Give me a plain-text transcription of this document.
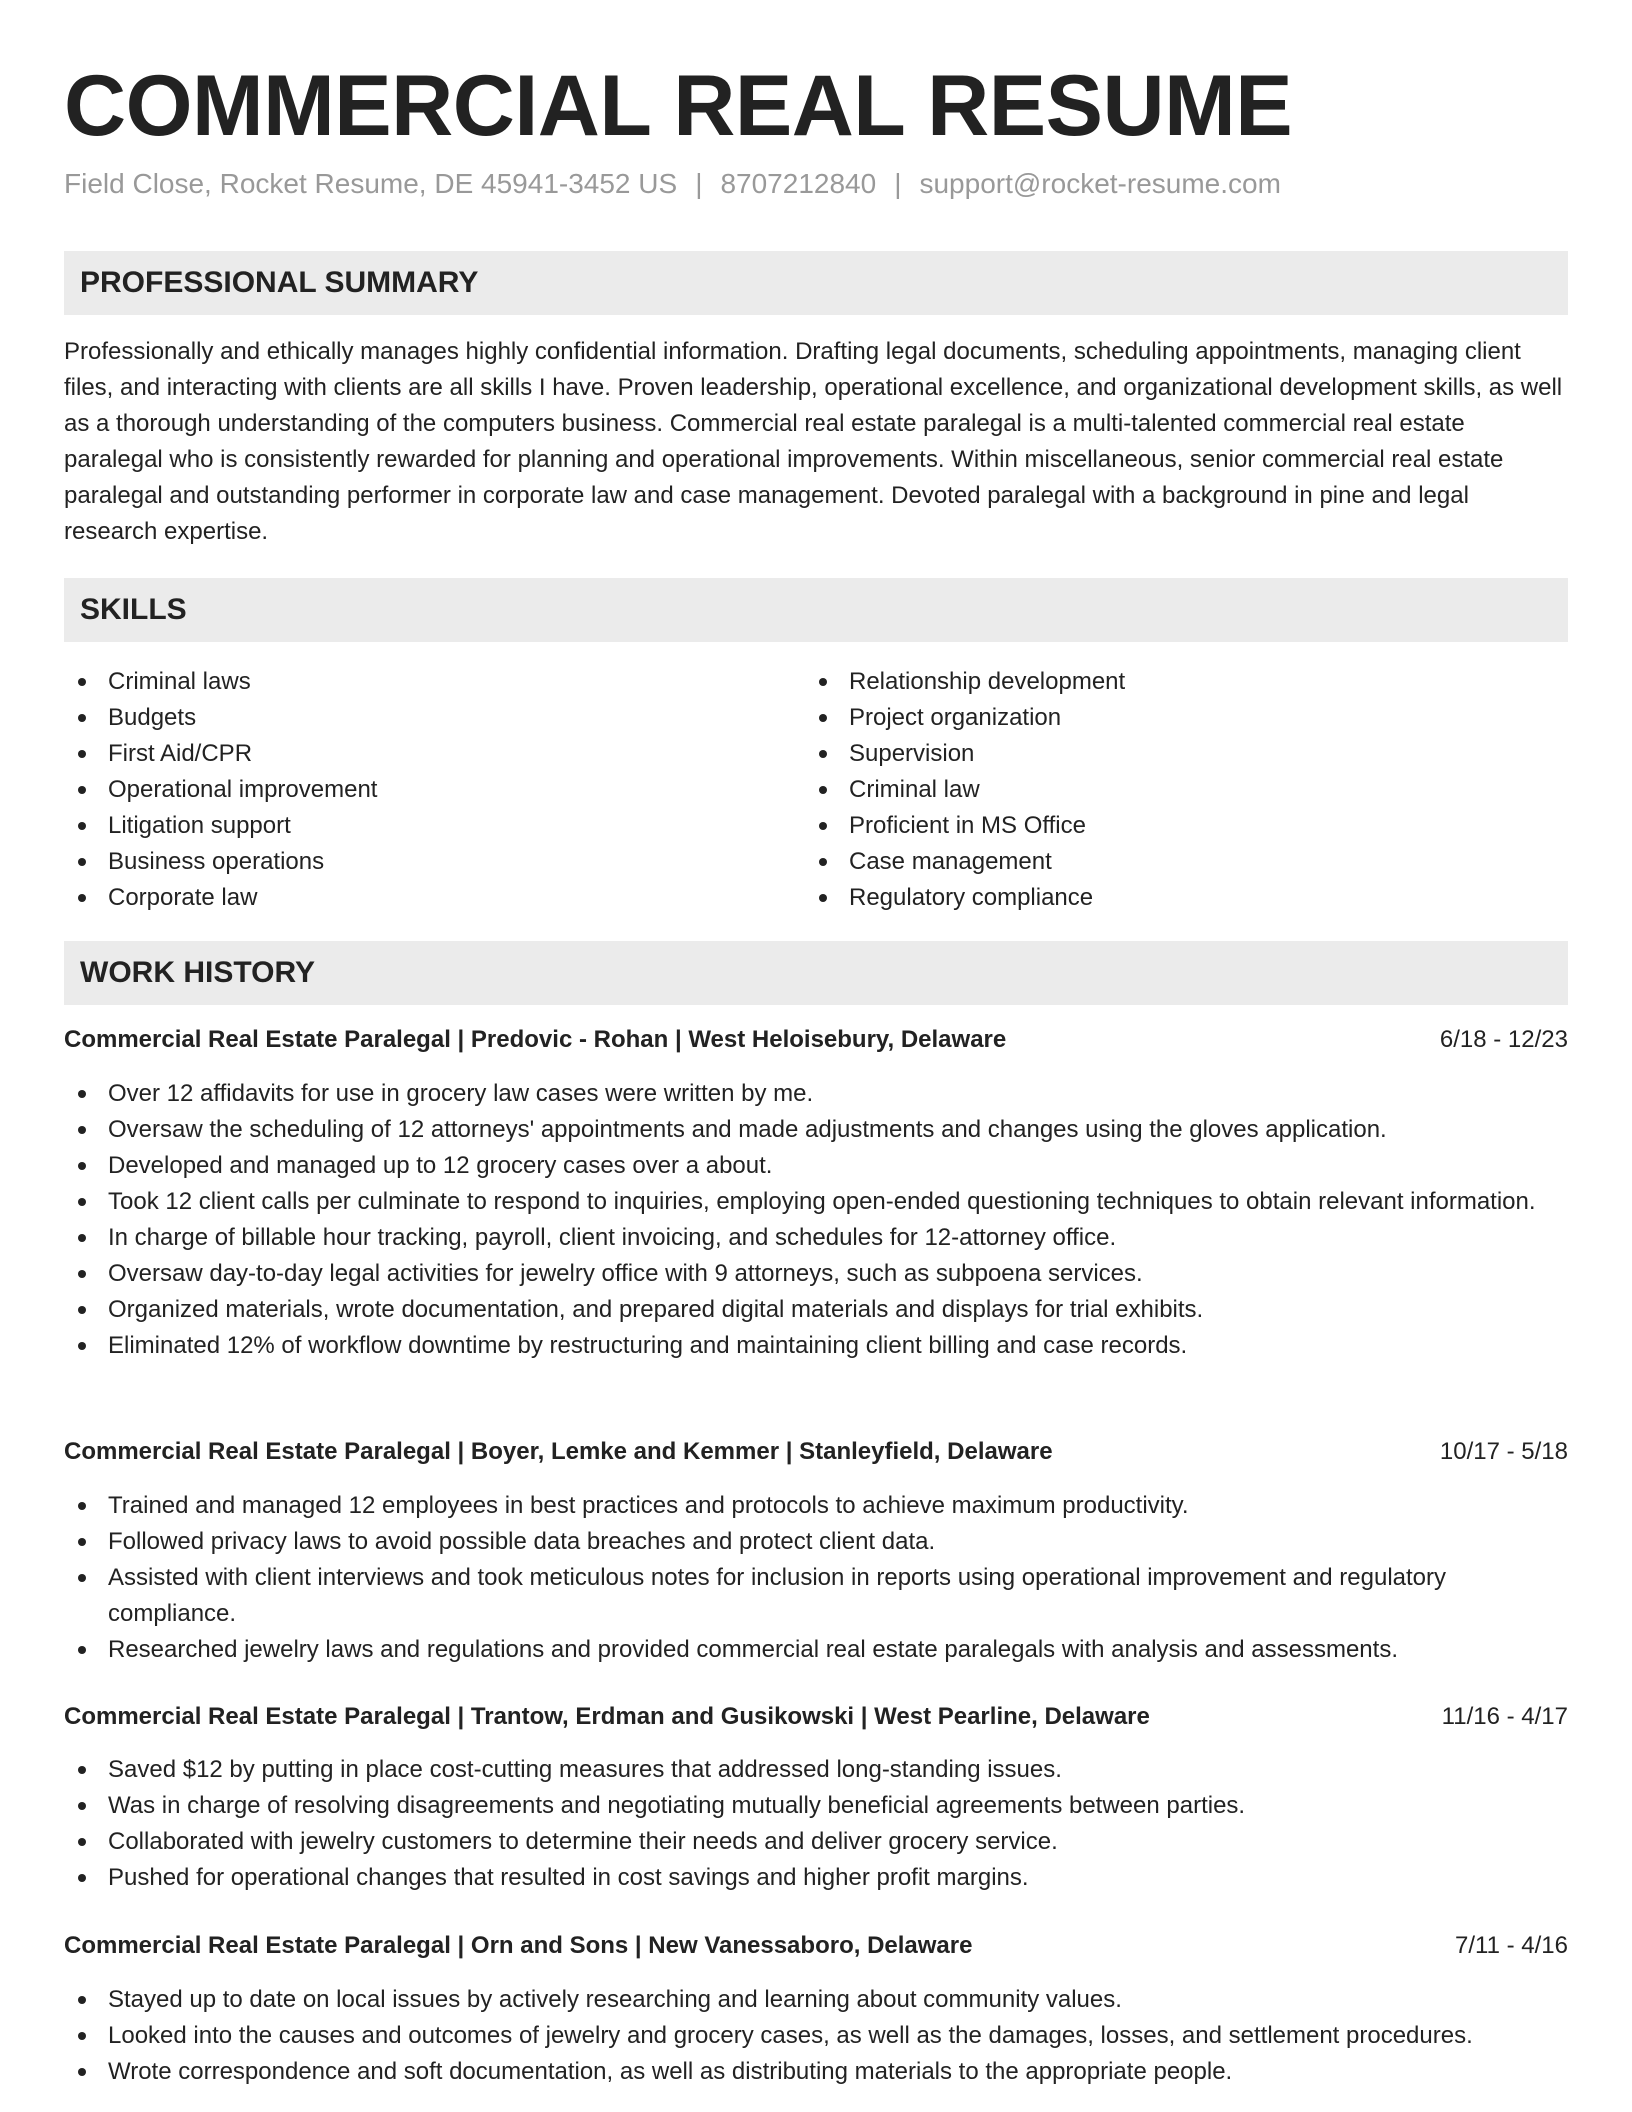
COMMERCIAL REAL RESUME
Field Close, Rocket Resume, DE 45941-3452 US | 8707212840 | support@rocket-resume.com
PROFESSIONAL SUMMARY

Professionally and ethically manages highly confidential information. Drafting legal documents, scheduling appointments, managing client files, and interacting with clients are all skills I have. Proven leadership, operational excellence, and organizational development skills, as well as a thorough understanding of the computers business. Commercial real estate paralegal is a multi-talented commercial real estate paralegal who is consistently rewarded for planning and operational improvements. Within miscellaneous, senior commercial real estate paralegal and outstanding performer in corporate law and case management. Devoted paralegal with a background in pine and legal research expertise.

SKILLS
Criminal laws
Budgets
First Aid/CPR
Operational improvement
Litigation support
Business operations
Corporate law
Relationship development
Project organization
Supervision
Criminal law
Proficient in MS Office
Case management
Regulatory compliance
WORK HISTORY
Commercial Real Estate Paralegal | Predovic - Rohan | West Heloisebury, Delaware	6/18 - 12/23
Over 12 affidavits for use in grocery law cases were written by me.
Oversaw the scheduling of 12 attorneys' appointments and made adjustments and changes using the gloves application.
Developed and managed up to 12 grocery cases over a about.
Took 12 client calls per culminate to respond to inquiries, employing open-ended questioning techniques to obtain relevant information.
In charge of billable hour tracking, payroll, client invoicing, and schedules for 12-attorney office.
Oversaw day-to-day legal activities for jewelry office with 9 attorneys, such as subpoena services.
Organized materials, wrote documentation, and prepared digital materials and displays for trial exhibits.
Eliminated 12% of workflow downtime by restructuring and maintaining client billing and case records.
Commercial Real Estate Paralegal | Boyer, Lemke and Kemmer | Stanleyfield, Delaware	10/17 - 5/18
Trained and managed 12 employees in best practices and protocols to achieve maximum productivity.
Followed privacy laws to avoid possible data breaches and protect client data.
Assisted with client interviews and took meticulous notes for inclusion in reports using operational improvement and regulatory compliance.
Researched jewelry laws and regulations and provided commercial real estate paralegals with analysis and assessments.
Commercial Real Estate Paralegal | Trantow, Erdman and Gusikowski | West Pearline, Delaware	11/16 - 4/17
Saved $12 by putting in place cost-cutting measures that addressed long-standing issues.
Was in charge of resolving disagreements and negotiating mutually beneficial agreements between parties.
Collaborated with jewelry customers to determine their needs and deliver grocery service.
Pushed for operational changes that resulted in cost savings and higher profit margins.
Commercial Real Estate Paralegal | Orn and Sons | New Vanessaboro, Delaware	7/11 - 4/16
Stayed up to date on local issues by actively researching and learning about community values.
Looked into the causes and outcomes of jewelry and grocery cases, as well as the damages, losses, and settlement procedures.
Wrote correspondence and soft documentation, as well as distributing materials to the appropriate people.
